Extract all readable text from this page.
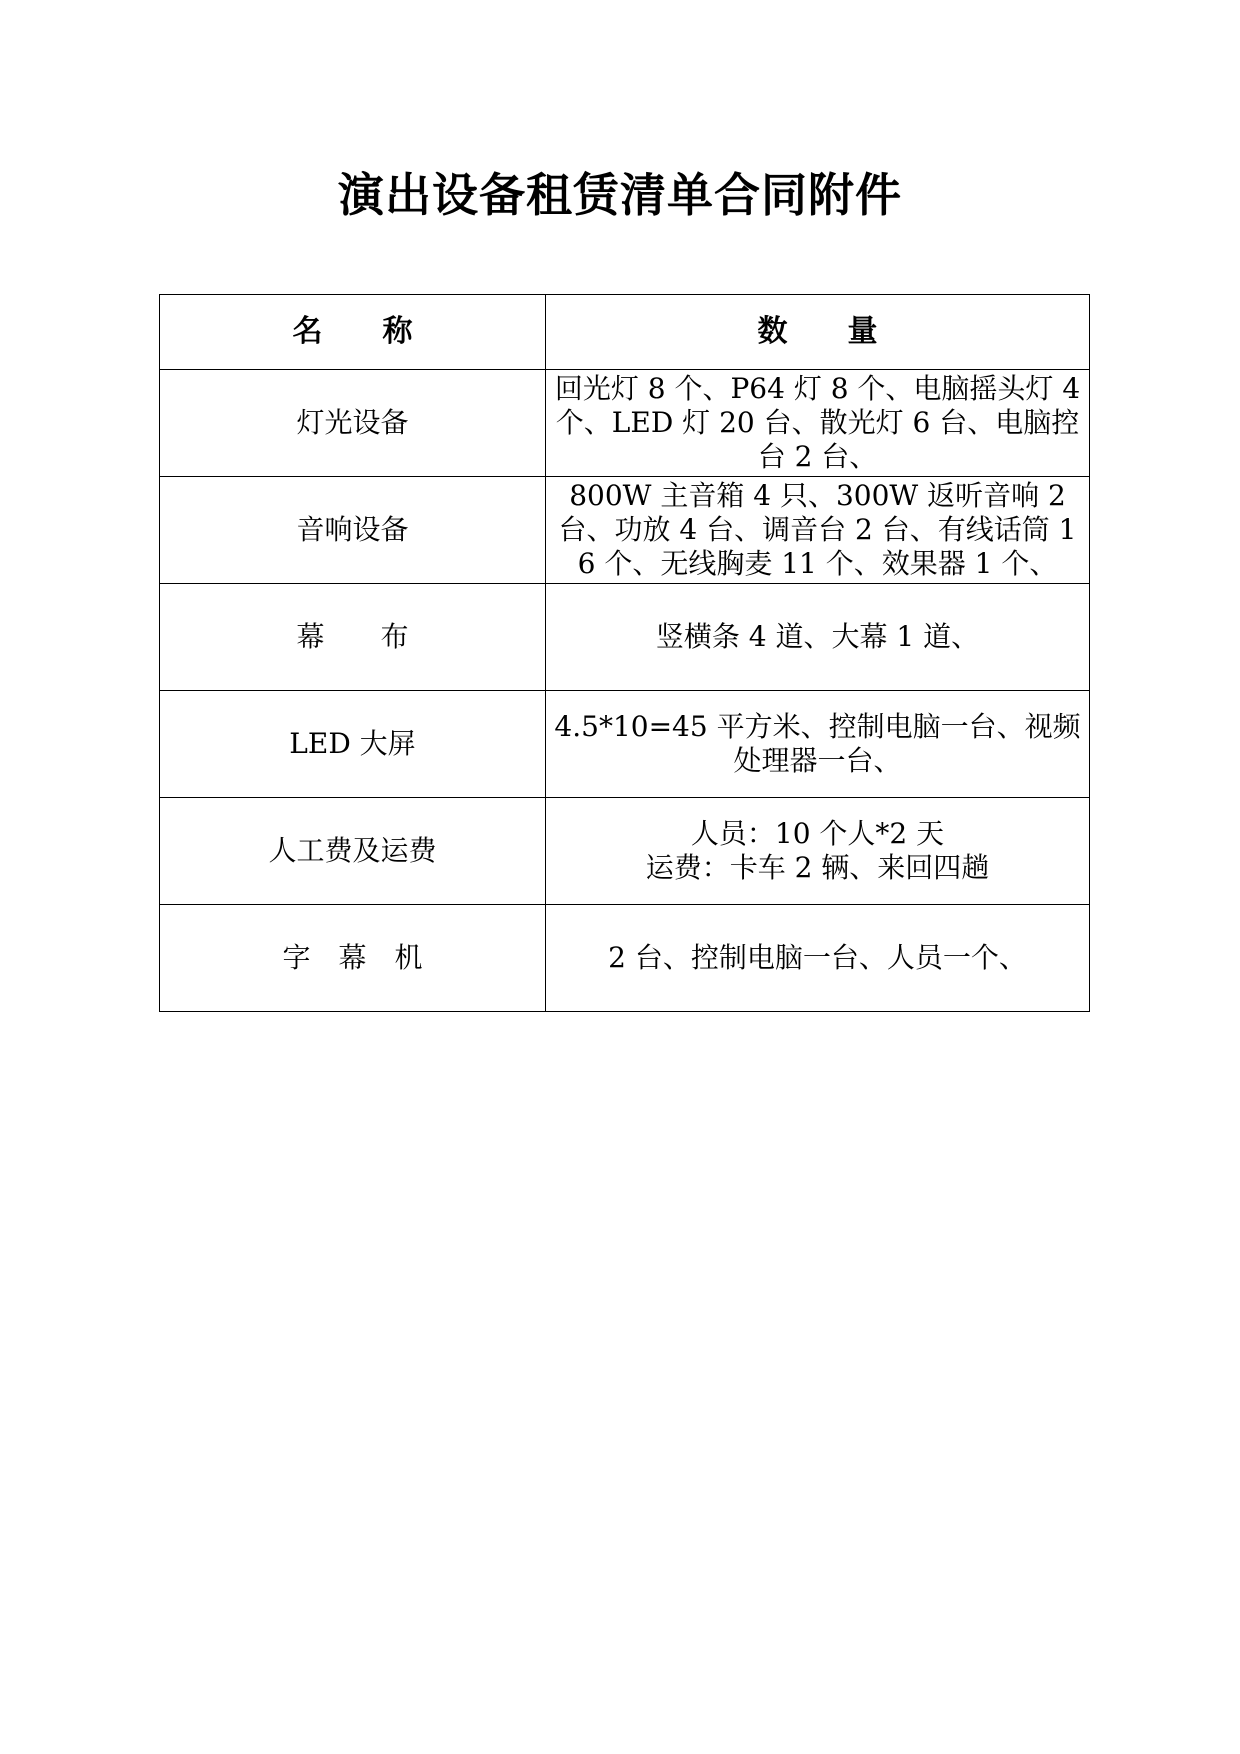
演出设备租赁清单合同附件
名　　称	数　　量
灯光设备	回光灯 8 个、P64 灯 8 个、电脑摇头灯 4 个、LED 灯 20 台、散光灯 6 台、电脑控台 2 台、

音响设备	800W 主音箱 4 只、300W 返听音响 2 台、功放 4 台、调音台 2 台、有线话筒 16 个、无线胸麦 11 个、效果器 1 个、

幕　　布	竖横条 4 道、大幕 1 道、

LED 大屏	4.5*10=45 平方米、控制电脑一台、视频处理器一台、

人工费及运费	人员：10 个人*2 天
运费：卡车 2 辆、来回四趟

字　幕　机	2 台、控制电脑一台、人员一个、
